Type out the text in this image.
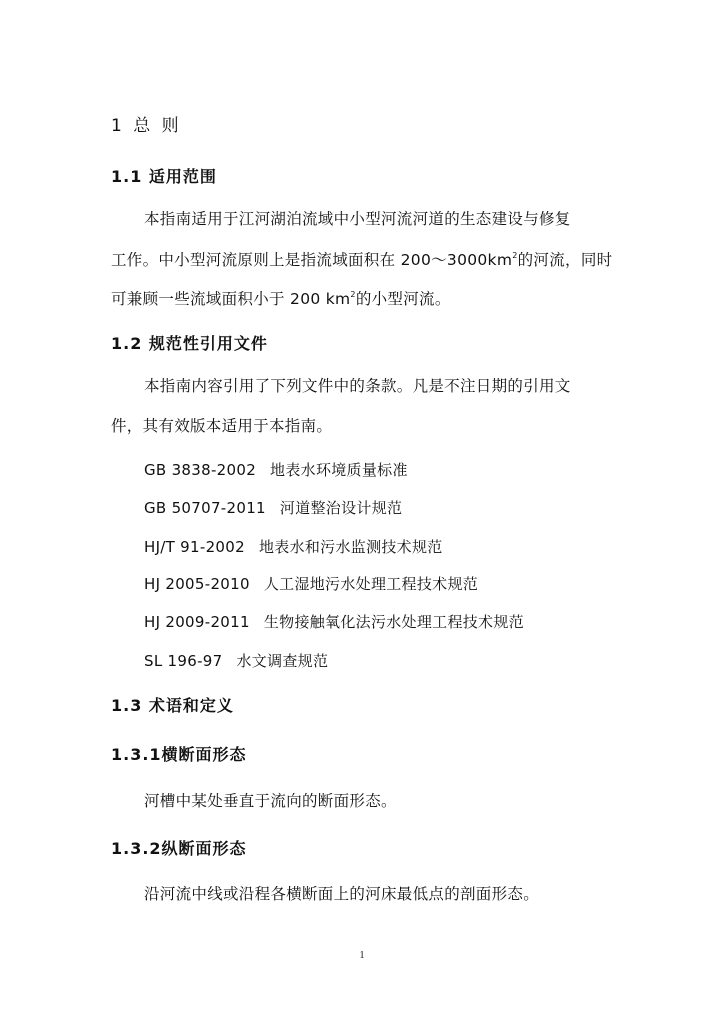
1 总 则
1.1 适用范围
本指南适用于江河湖泊流域中小型河流河道的生态建设与修复
工作。中小型河流原则上是指流域面积在 $200\sim 3000km^2$的河流，同时
可兼顾一些流域面积小于 200 $km^2$的小型河流。
1.2 规范性引用文件
本指南内容引用了下列文件中的条款。凡是不注日期的引用文
件，其有效版本适用于本指南。
GB 3838-2002 地表水环境质量标准
GB 50707-2011 河道整治设计规范
HJ/T 91-2002 地表水和污水监测技术规范
HJ 2005-2010 人工湿地污水处理工程技术规范
HJ 2009-2011 生物接触氧化法污水处理工程技术规范
SL 196-97 水文调查规范
1.3 术语和定义
1.3.1横断面形态
河槽中某处垂直于流向的断面形态。
1.3.2纵断面形态
沿河流中线或沿程各横断面上的河床最低点的剖面形态。
1
